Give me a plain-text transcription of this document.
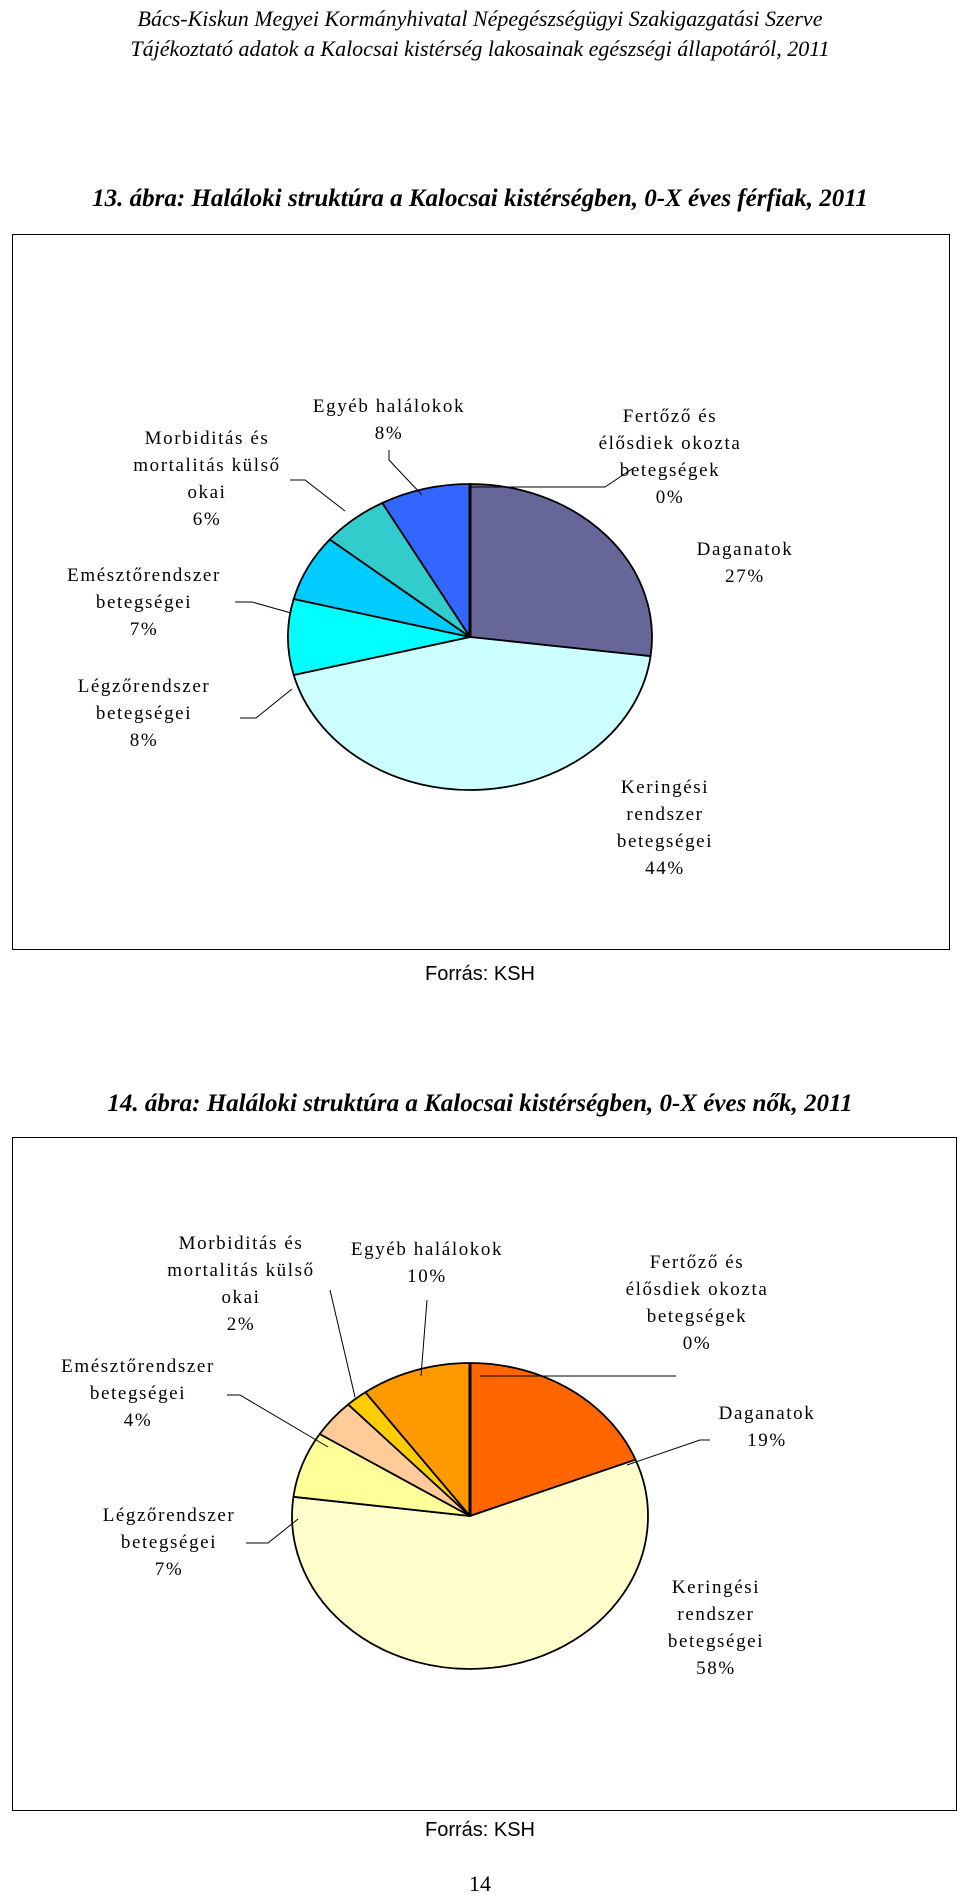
Bács-Kiskun Megyei Kormányhivatal Népegészségügyi Szakigazgatási Szerve
Tájékoztató adatok a Kalocsai kistérség lakosainak egészségi állapotáról, 2011
13. ábra: Haláloki struktúra a Kalocsai kistérségben, 0-X éves férfiak, 2011
Forrás: KSH
14. ábra: Haláloki struktúra a Kalocsai kistérségben, 0-X éves nők, 2011
Forrás: KSH
14
Fertőző és élősdiek okozta betegségek 0%
Daganatok 27%
Keringési rendszer betegségei 44%
Légzőrendszer betegségei 8%
Emésztőrendszer betegségei 7%
Morbiditás és mortalitás külső okai 6%
Egyéb halálokok 8%
Fertőző és élősdiek okozta betegségek 0%
Daganatok 19%
Keringési rendszer betegségei 58%
Légzőrendszer betegségei 7%
Emésztőrendszer betegségei 4%
Morbiditás és mortalitás külső okai 2%
Egyéb halálokok 10%
